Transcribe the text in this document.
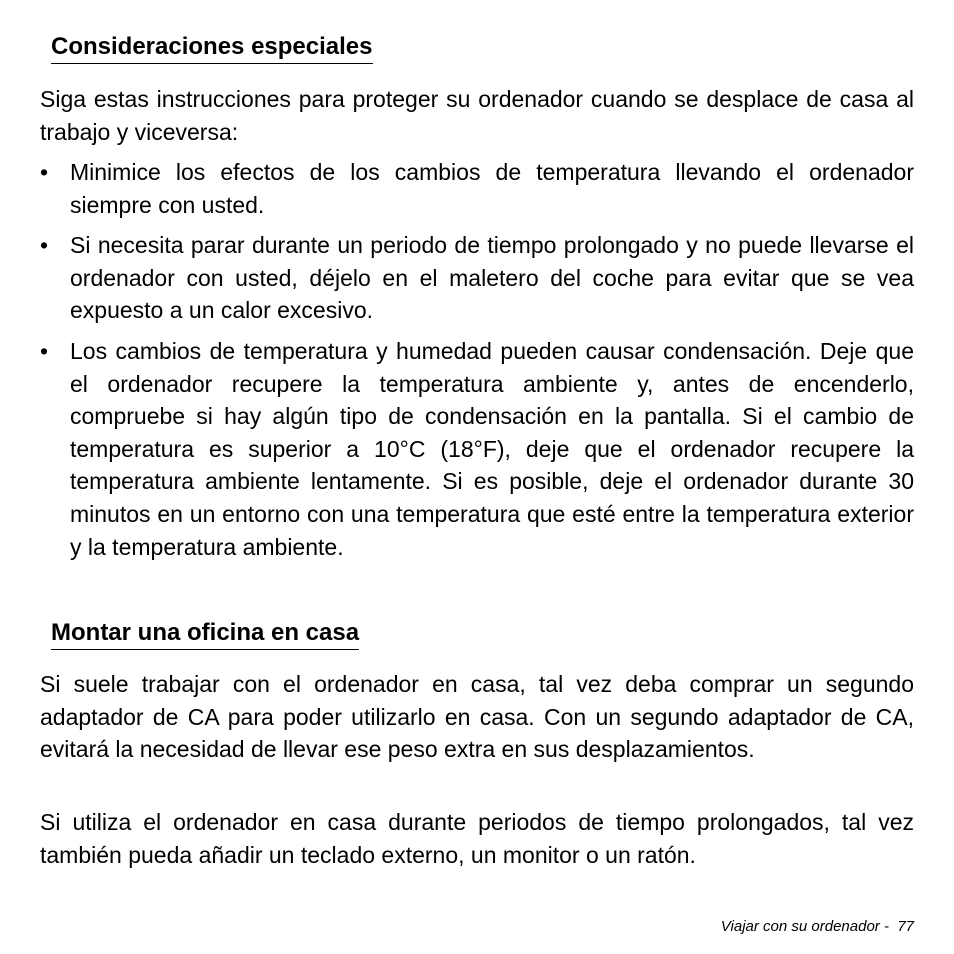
Consideraciones especiales

Siga estas instrucciones para proteger su ordenador cuando se desplace de casa al trabajo y viceversa:

• Minimice los efectos de los cambios de temperatura llevando el ordenador siempre con usted.
• Si necesita parar durante un periodo de tiempo prolongado y no puede llevarse el ordenador con usted, déjelo en el maletero del coche para evitar que se vea expuesto a un calor excesivo.
• Los cambios de temperatura y humedad pueden causar condensación. Deje que el ordenador recupere la temperatura ambiente y, antes de encenderlo, compruebe si hay algún tipo de condensación en la pantalla. Si el cambio de temperatura es superior a 10°C (18°F), deje que el ordenador recupere la temperatura ambiente lentamente. Si es posible, deje el ordenador durante 30 minutos en un entorno con una temperatura que esté entre la temperatura exterior y la temperatura ambiente.
Montar una oficina en casa

Si suele trabajar con el ordenador en casa, tal vez deba comprar un segundo adaptador de CA para poder utilizarlo en casa. Con un segundo adaptador de CA, evitará la necesidad de llevar ese peso extra en sus desplazamientos.

Si utiliza el ordenador en casa durante periodos de tiempo prolongados, tal vez también pueda añadir un teclado externo, un monitor o un ratón.

Viajar con su ordenador - 77
